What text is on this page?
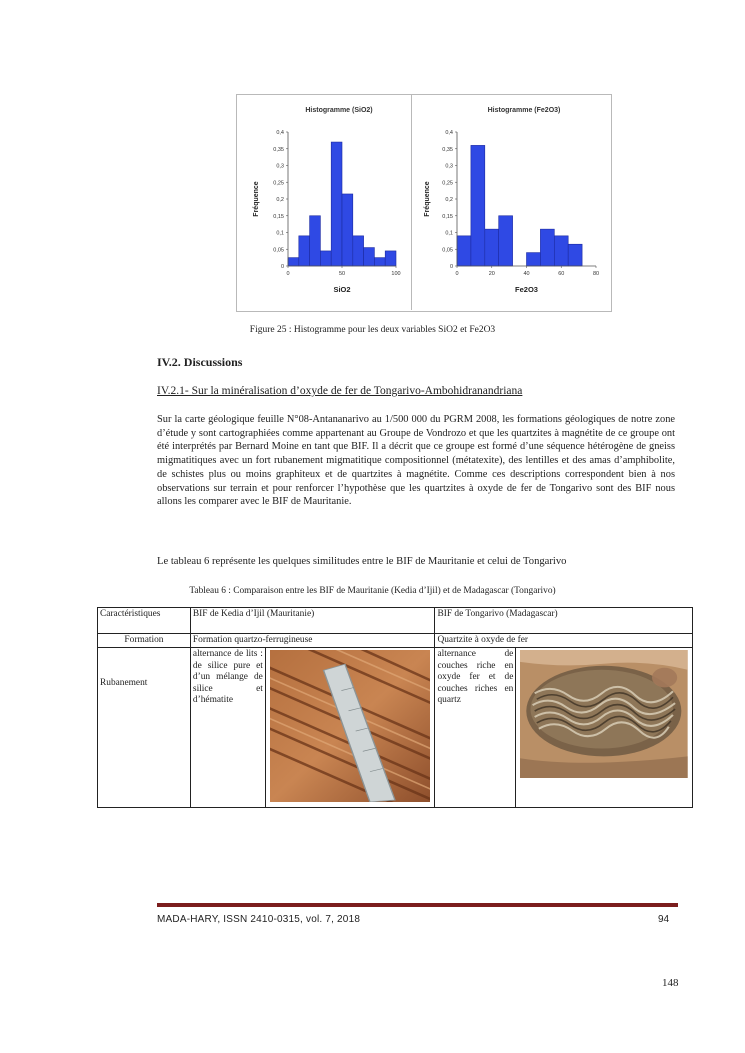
Histogramme (SiO2)
0
0,05
0,1
0,15
0,2
0,25
0,3
0,35
0,4
0	50	100
SiO2
Fréquence
Histogramme (Fe2O3)
0
0,05
0,1
0,15
0,2
0,25
0,3
0,35
0,4
0	20	40	60	80
Fe2O3
Fréquence
Figure 25 : Histogramme pour les deux variables SiO2 et Fe2O3
IV.2. Discussions
IV.2.1- Sur la minéralisation d’oxyde de fer de Tongarivo-Ambohidranandriana
Sur la carte géologique feuille N°08-Antananarivo au 1/500 000 du PGRM 2008, les formations géologiques de notre zone d’étude y sont cartographiées comme appartenant au Groupe de Vondrozo et que les quartzites à magnétite de ce groupe ont été interprétés par Bernard Moine en tant que BIF. Il a décrit que ce groupe est formé d’une séquence hétérogène de gneiss migmatitiques avec un fort rubanement migmatitique compositionnel (métatexite), des lentilles et des amas d’amphibolite, de schistes plus ou moins graphiteux et de quartzites à magnétite. Comme ces descriptions correspondent bien à nos observations sur terrain et pour renforcer l’hypothèse que les quartzites à oxyde de fer de Tongarivo sont des BIF nous allons les comparer avec le BIF de Mauritanie.
Le tableau 6 représente les quelques similitudes entre le BIF de Mauritanie et celui de Tongarivo
Tableau 6 : Comparaison entre les BIF de Mauritanie (Kedia d’Ijil) et de Madagascar (Tongarivo)
Caractéristiques	BIF de Kedia d’Ijil (Mauritanie)		BIF de Tongarivo (Madagascar)	
Formation	Formation quartzo-ferrugineuse		Quartzite à oxyde de fer	
Rubanement	alternance de lits : de silice pure et d’un mélange de silice et d’hématite		alternance de couches riche en oxyde fer et de couches riches en quartz

MADA-HARY, ISSN 2410-0315, vol. 7, 2018	94
148
